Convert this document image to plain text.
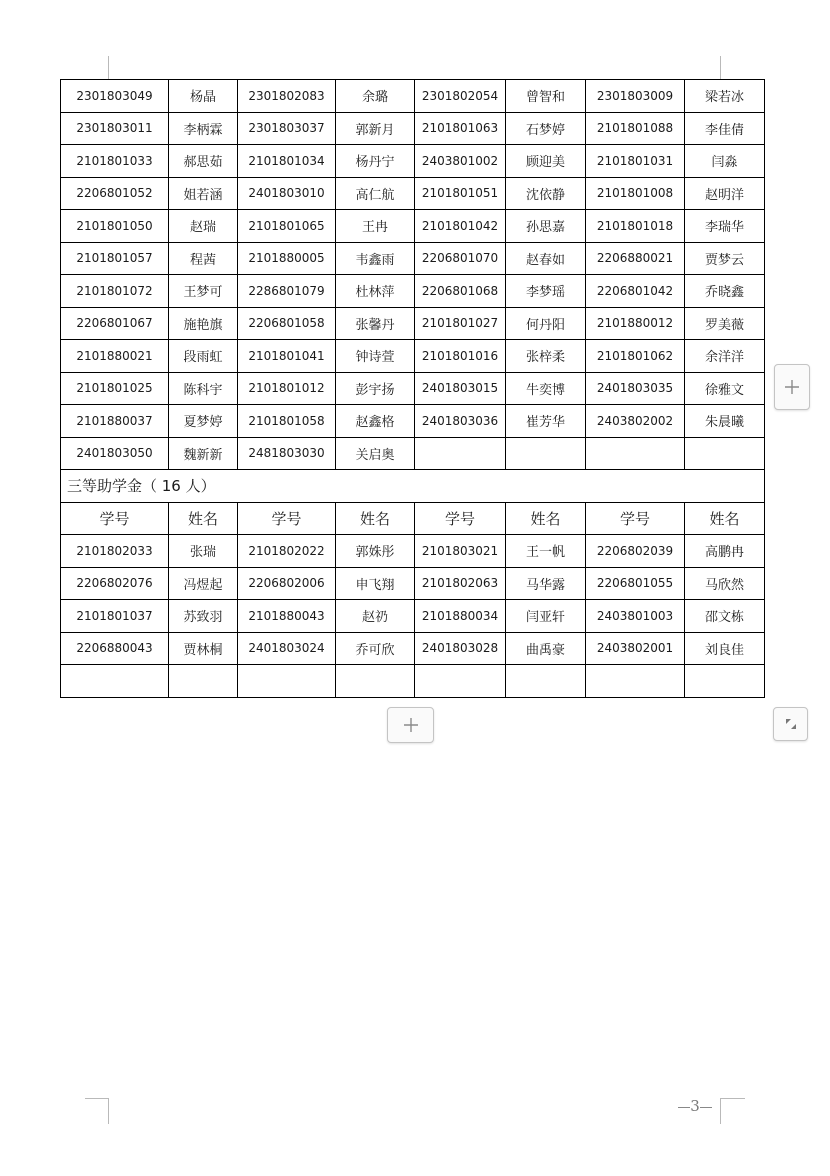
2301803049	杨晶	2301802083	余璐	2301802054	曾智和	2301803009	梁若冰
2301803011	李柄霖	2301803037	郭新月	2101801063	石梦婷	2101801088	李佳倩
2101801033	郝思茹	2101801034	杨丹宁	2403801002	顾迎美	2101801031	闫淼
2206801052	姐若涵	2401803010	高仁航	2101801051	沈依静	2101801008	赵明洋
2101801050	赵瑞	2101801065	王冉	2101801042	孙思嘉	2101801018	李瑞华
2101801057	程茜	2101880005	韦鑫雨	2206801070	赵春如	2206880021	贾梦云
2101801072	王梦可	2286801079	杜林萍	2206801068	李梦瑶	2206801042	乔晓鑫
2206801067	施艳旗	2206801058	张馨丹	2101801027	何丹阳	2101880012	罗美薇
2101880021	段雨虹	2101801041	钟诗萱	2101801016	张梓柔	2101801062	余洋洋
2101801025	陈科宇	2101801012	彭宇扬	2401803015	牛奕博	2401803035	徐雅文
2101880037	夏梦婷	2101801058	赵鑫格	2401803036	崔芳华	2403802002	朱晨曦
2401803050	魏新新	2481803030	关启奥				
三等助学金（ 16 人）							
学号	姓名	学号	姓名	学号	姓名	学号	姓名
2101802033	张瑞	2101802022	郭姝彤	2101803021	王一帆	2206802039	高鹏冉
2206802076	冯煜起	2206802006	申飞翔	2101802063	马华露	2206801055	马欣然
2101801037	苏致羽	2101880043	赵礽	2101880034	闫亚轩	2403801003	邵文栋
2206880043	贾林桐	2401803024	乔可欣	2401803028	曲禹豪	2403802001	刘良佳

3
